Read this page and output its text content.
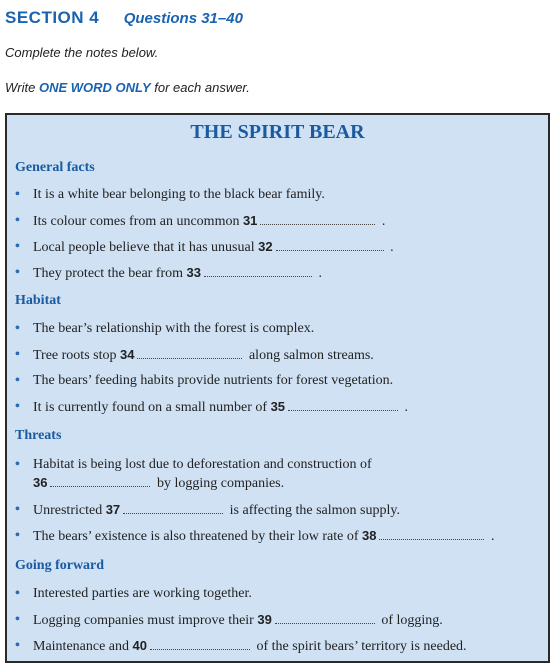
SECTION 4 Questions 31–40
Complete the notes below.
Write ONE WORD ONLY for each answer.
THE SPIRIT BEAR
General facts
• It is a white bear belonging to the black bear family.
• Its colour comes from an uncommon 31	.
• Local people believe that it has unusual 32	.
• They protect the bear from 33	.
Habitat
• The bear’s relationship with the forest is complex.
• Tree roots stop 34	along salmon streams.
• The bears’ feeding habits provide nutrients for forest vegetation.
• It is currently found on a small number of 35	.
Threats
• Habitat is being lost due to deforestation and construction of
36	by logging companies.
• Unrestricted 37	is affecting the salmon supply.
• The bears’ existence is also threatened by their low rate of 38	.
Going forward
• Interested parties are working together.
• Logging companies must improve their 39	of logging.
• Maintenance and 40	of the spirit bears’ territory is needed.
